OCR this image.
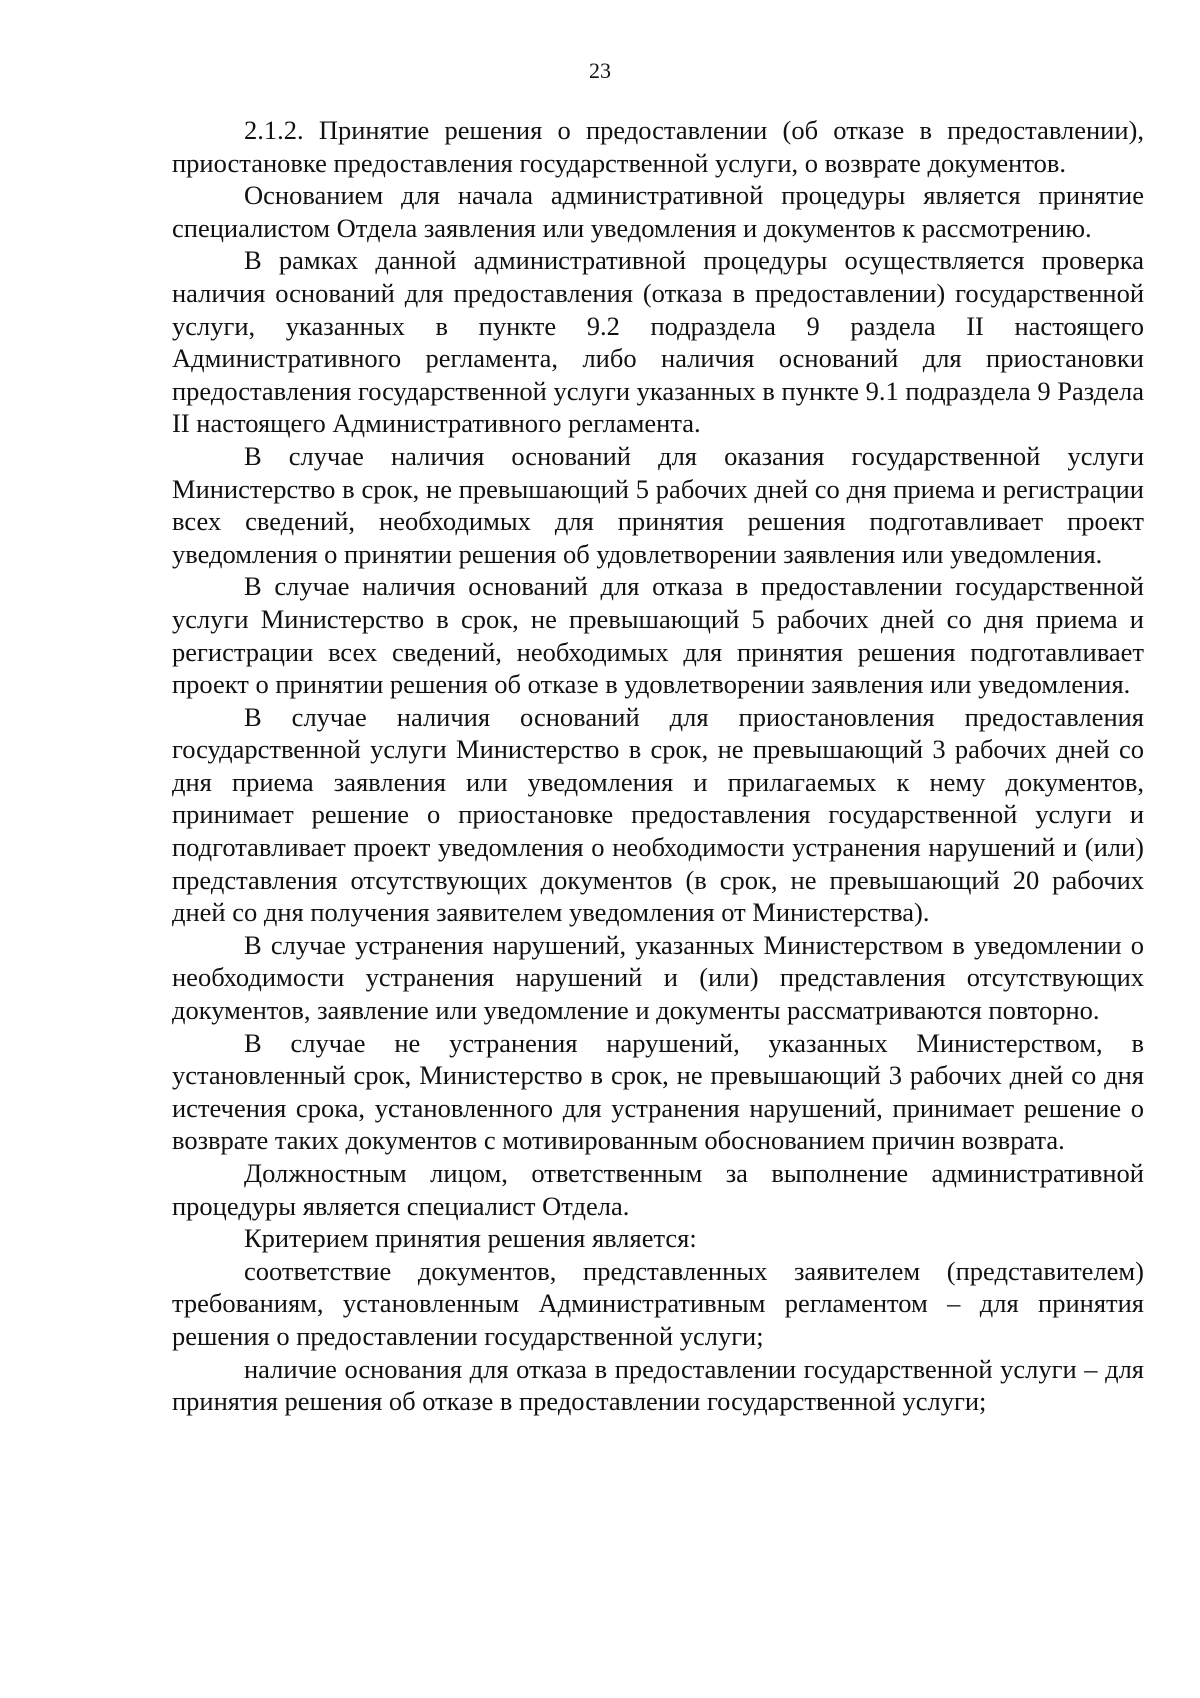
23

2.1.2. Принятие решения о предоставлении (об отказе в предоставлении), приостановке предоставления государственной услуги, о возврате документов.

Основанием для начала административной процедуры является принятие специалистом Отдела заявления или уведомления и документов к рассмотрению.

В рамках данной административной процедуры осуществляется проверка наличия оснований для предоставления (отказа в предоставлении) государственной услуги, указанных в пункте 9.2 подраздела 9 раздела II настоящего Административного регламента, либо наличия оснований для приостановки предоставления государственной услуги указанных в пункте 9.1 подраздела 9 Раздела II настоящего Административного регламента.

В случае наличия оснований для оказания государственной услуги Министерство в срок, не превышающий 5 рабочих дней со дня приема и регистрации всех сведений, необходимых для принятия решения подготавливает проект уведомления о принятии решения об удовлетворении заявления или уведомления.

В случае наличия оснований для отказа в предоставлении государственной услуги Министерство в срок, не превышающий 5 рабочих дней со дня приема и регистрации всех сведений, необходимых для принятия решения подготавливает проект о принятии решения об отказе в удовлетворении заявления или уведомления.

В случае наличия оснований для приостановления предоставления государственной услуги Министерство в срок, не превышающий 3 рабочих дней со дня приема заявления или уведомления и прилагаемых к нему документов, принимает решение о приостановке предоставления государственной услуги и подготавливает проект уведомления о необходимости устранения нарушений и (или) представления отсутствующих документов (в срок, не превышающий 20 рабочих дней со дня получения заявителем уведомления от Министерства).

В случае устранения нарушений, указанных Министерством в уведомлении о необходимости устранения нарушений и (или) представления отсутствующих документов, заявление или уведомление и документы рассматриваются повторно.

В случае не устранения нарушений, указанных Министерством, в установленный срок, Министерство в срок, не превышающий 3 рабочих дней со дня истечения срока, установленного для устранения нарушений, принимает решение о возврате таких документов с мотивированным обоснованием причин возврата.

Должностным лицом, ответственным за выполнение административной процедуры является специалист Отдела.

Критерием принятия решения является:

соответствие документов, представленных заявителем (представителем) требованиям, установленным Административным регламентом – для принятия решения о предоставлении государственной услуги;

наличие основания для отказа в предоставлении государственной услуги – для принятия решения об отказе в предоставлении государственной услуги;
